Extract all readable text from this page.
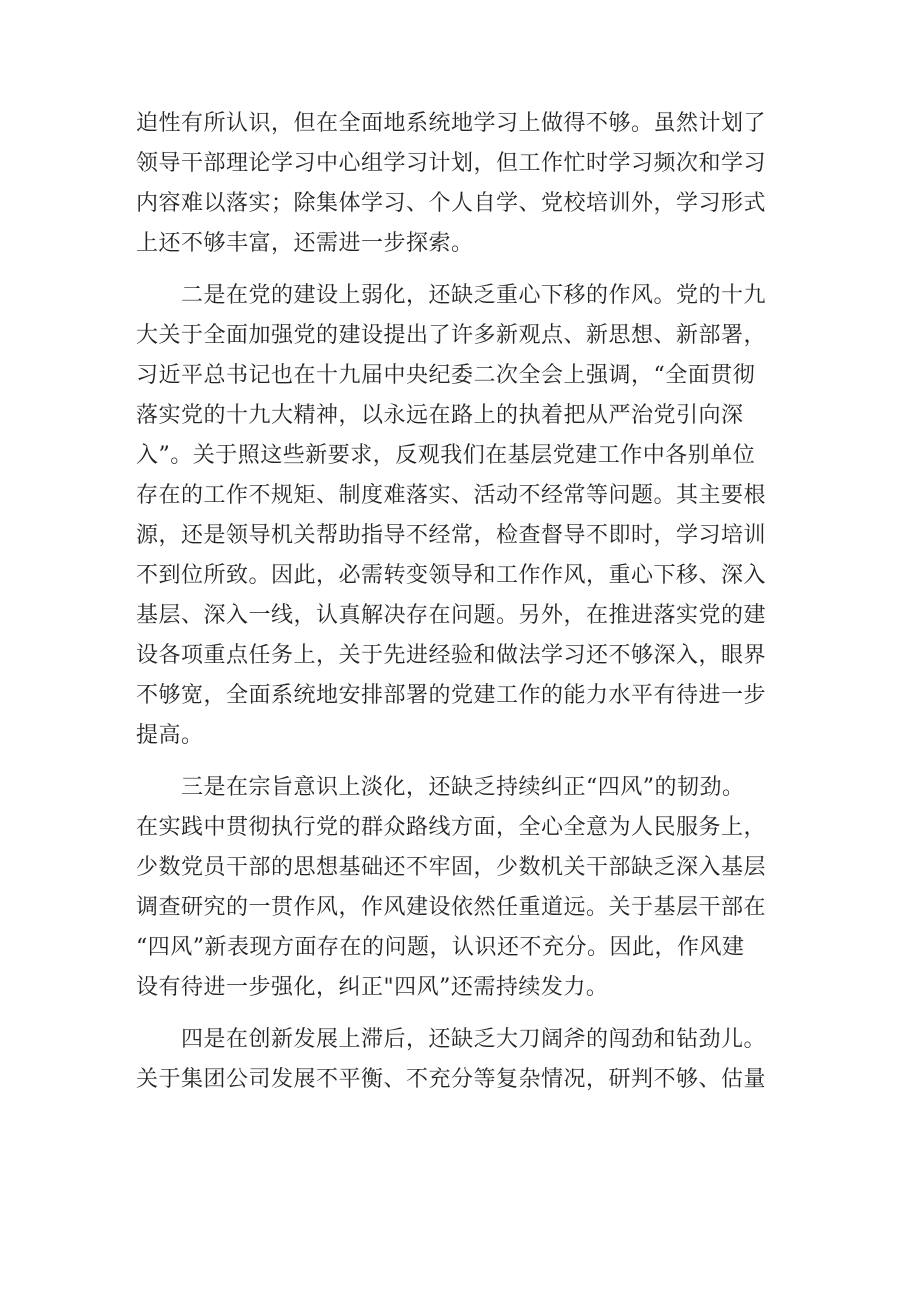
迫性有所认识，但在全面地系统地学习上做得不够。虽然计划了
领导干部理论学习中心组学习计划，但工作忙时学习频次和学习
内容难以落实；除集体学习、个人自学、党校培训外，学习形式
上还不够丰富，还需进一步探索。
　　二是在党的建设上弱化，还缺乏重心下移的作风。党的十九
大关于全面加强党的建设提出了许多新观点、新思想、新部署，
习近平总书记也在十九届中央纪委二次全会上强调，“全面贯彻
落实党的十九大精神，以永远在路上的执着把从严治党引向深
入”。关于照这些新要求，反观我们在基层党建工作中各别单位
存在的工作不规矩、制度难落实、活动不经常等问题。其主要根
源，还是领导机关帮助指导不经常，检查督导不即时，学习培训
不到位所致。因此，必需转变领导和工作作风，重心下移、深入
基层、深入一线，认真解决存在问题。另外，在推进落实党的建
设各项重点任务上，关于先进经验和做法学习还不够深入，眼界
不够宽，全面系统地安排部署的党建工作的能力水平有待进一步
提高。
　　三是在宗旨意识上淡化，还缺乏持续纠正“四风”的韧劲。
在实践中贯彻执行党的群众路线方面，全心全意为人民服务上，
少数党员干部的思想基础还不牢固，少数机关干部缺乏深入基层
调查研究的一贯作风，作风建设依然任重道远。关于基层干部在
“四风”新表现方面存在的问题，认识还不充分。因此，作风建
设有待进一步强化，纠正"四风”还需持续发力。
　　四是在创新发展上滞后，还缺乏大刀阔斧的闯劲和钻劲儿。
关于集团公司发展不平衡、不充分等复杂情况，研判不够、估量
